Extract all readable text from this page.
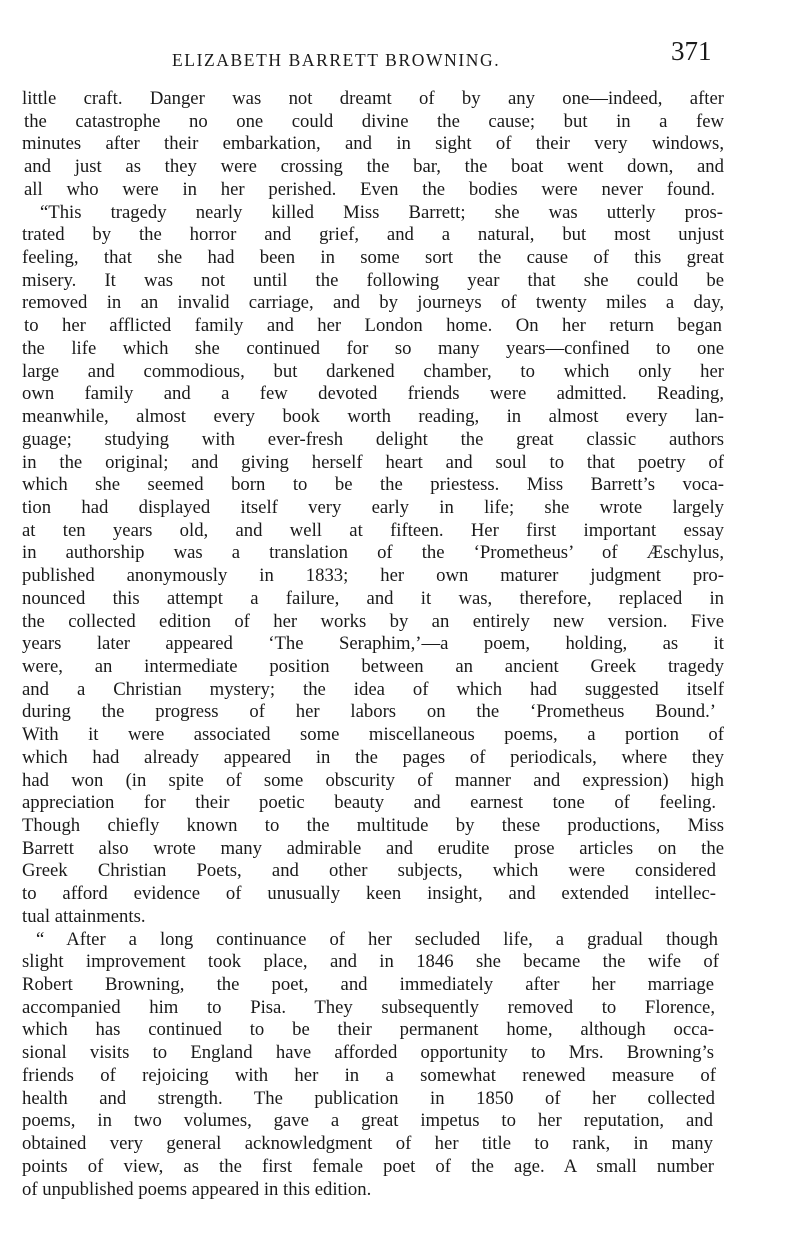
ELIZABETH BARRETT BROWNING.	371
little craft. Danger was not dreamt of by any one—indeed, after
the catastrophe no one could divine the cause; but in a few
minutes after their embarkation, and in sight of their very windows,
and just as they were crossing the bar, the boat went down, and
all who were in her perished. Even the bodies were never found.
“This tragedy nearly killed Miss Barrett; she was utterly pros-
trated by the horror and grief, and a natural, but most unjust
feeling, that she had been in some sort the cause of this great
misery. It was not until the following year that she could be
removed in an invalid carriage, and by journeys of twenty miles a day,
to her afflicted family and her London home. On her return began
the life which she continued for so many years—confined to one
large and commodious, but darkened chamber, to which only her
own family and a few devoted friends were admitted. Reading,
meanwhile, almost every book worth reading, in almost every lan-
guage; studying with ever-fresh delight the great classic authors
in the original; and giving herself heart and soul to that poetry of
which she seemed born to be the priestess. Miss Barrett’s voca-
tion had displayed itself very early in life; she wrote largely
at ten years old, and well at fifteen. Her first important essay
in authorship was a translation of the ‘Prometheus’ of Æschylus,
published anonymously in 1833; her own maturer judgment pro-
nounced this attempt a failure, and it was, therefore, replaced in
the collected edition of her works by an entirely new version. Five
years later appeared ‘The Seraphim,’—a poem, holding, as it
were, an intermediate position between an ancient Greek tragedy
and a Christian mystery; the idea of which had suggested itself
during the progress of her labors on the ‘Prometheus Bound.’
With it were associated some miscellaneous poems, a portion of
which had already appeared in the pages of periodicals, where they
had won (in spite of some obscurity of manner and expression) high
appreciation for their poetic beauty and earnest tone of feeling.
Though chiefly known to the multitude by these productions, Miss
Barrett also wrote many admirable and erudite prose articles on the
Greek Christian Poets, and other subjects, which were considered
to afford evidence of unusually keen insight, and extended intellec-
tual attainments.
“ After a long continuance of her secluded life, a gradual though
slight improvement took place, and in 1846 she became the wife of
Robert Browning, the poet, and immediately after her marriage
accompanied him to Pisa. They subsequently removed to Florence,
which has continued to be their permanent home, although occa-
sional visits to England have afforded opportunity to Mrs. Browning’s
friends of rejoicing with her in a somewhat renewed measure of
health and strength. The publication in 1850 of her collected
poems, in two volumes, gave a great impetus to her reputation, and
obtained very general acknowledgment of her title to rank, in many
points of view, as the first female poet of the age. A small number
of unpublished poems appeared in this edition.
